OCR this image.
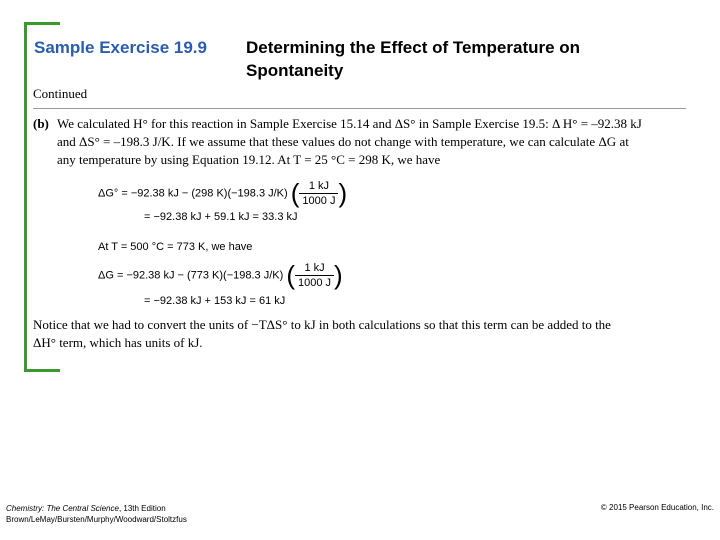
Sample Exercise 19.9 Determining the Effect of Temperature on
Spontaneity
Continued
(b) We calculated H° for this reaction in Sample Exercise 15.14 and ΔS° in Sample Exercise 19.5: Δ H° = –92.38 kJ
and ΔS° = –198.3 J/K. If we assume that these values do not change with temperature, we can calculate ΔG at
any temperature by using Equation 19.12. At T = 25 °C = 298 K, we have
ΔG° = −92.38 kJ − (298 K)(−198.3 J/K) ( $\frac{1 kJ}{1000 J}$ )
= −92.38 kJ + 59.1 kJ = 33.3 kJ
At T = 500 °C = 773 K, we have
ΔG = −92.38 kJ − (773 K)(−198.3 J/K) ( $\frac{1 kJ}{1000 J}$ )
= −92.38 kJ + 153 kJ = 61 kJ
Notice that we had to convert the units of −TΔS° to kJ in both calculations so that this term can be added to the
ΔH° term, which has units of kJ.
Chemistry: The Central Science, 13th Edition
Brown/LeMay/Bursten/Murphy/Woodward/Stoltzfus
© 2015 Pearson Education, Inc.
